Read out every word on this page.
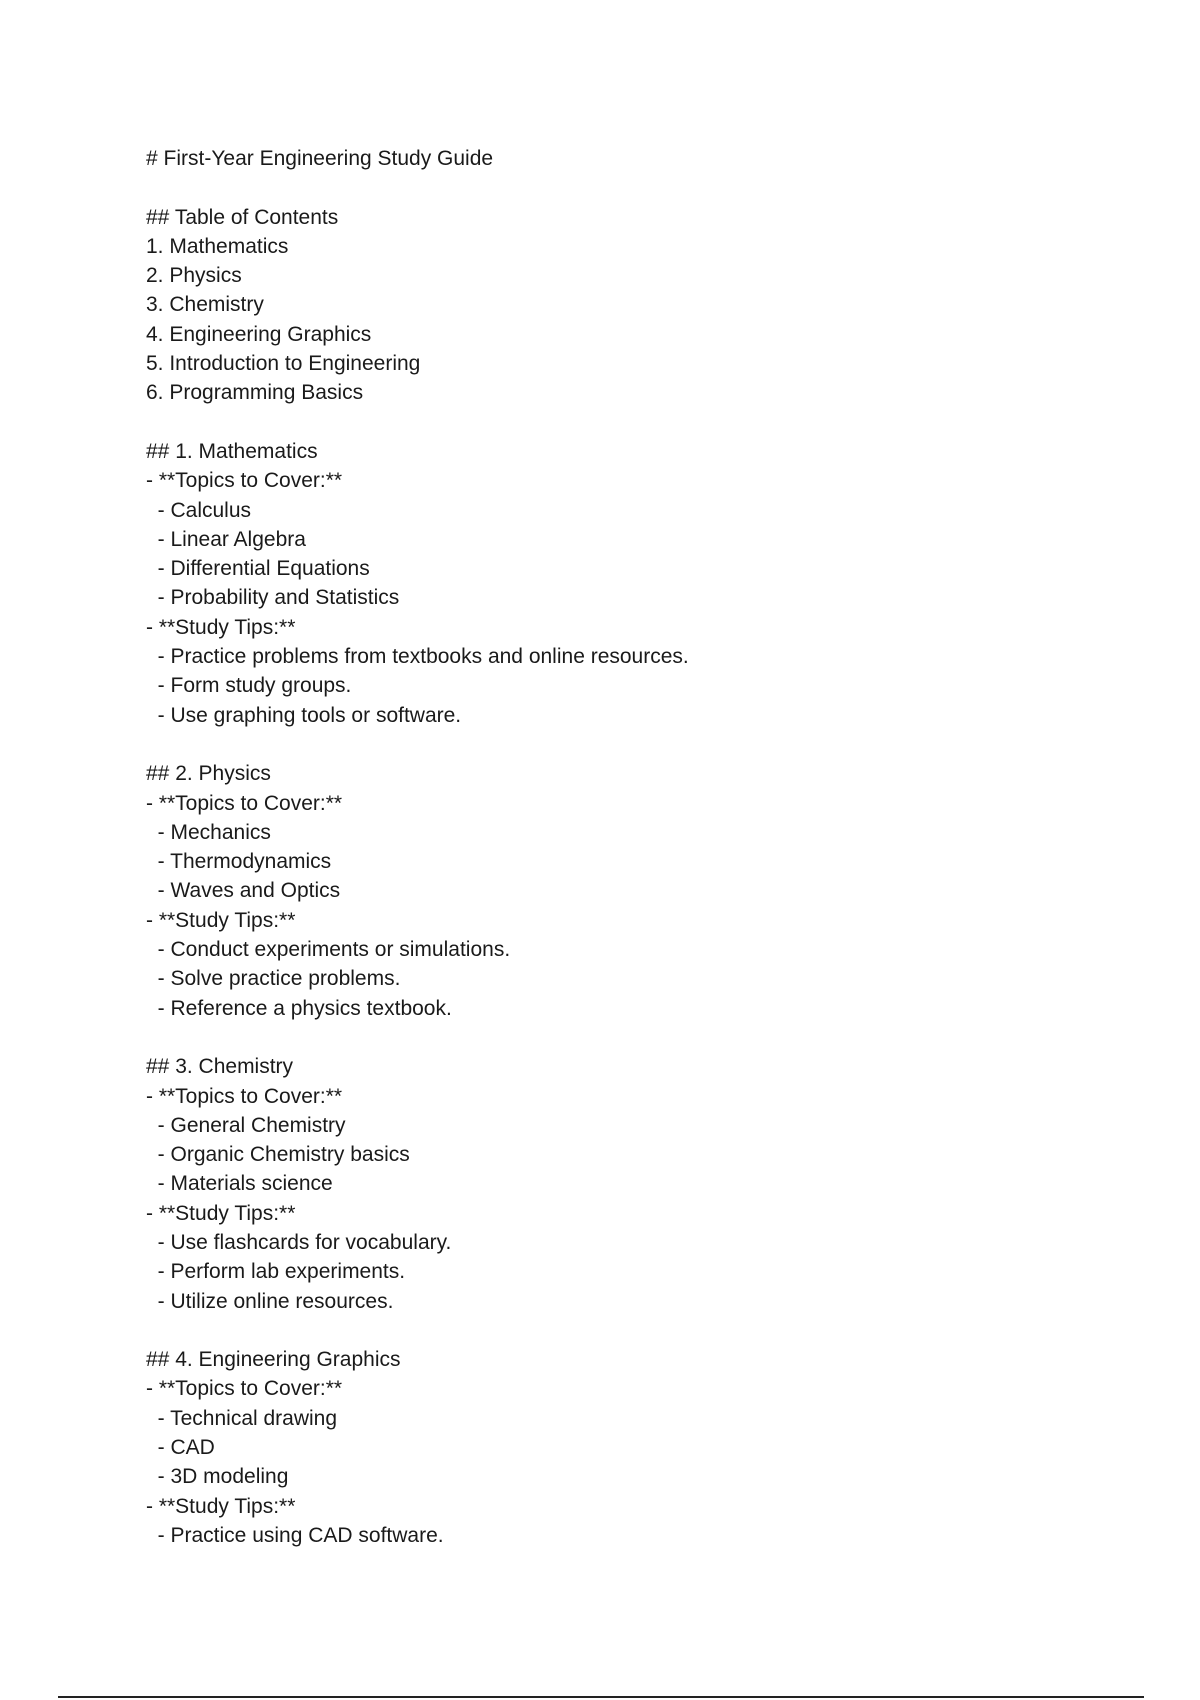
# First-Year Engineering Study Guide
## Table of Contents
1. Mathematics
2. Physics
3. Chemistry
4. Engineering Graphics
5. Introduction to Engineering
6. Programming Basics
## 1. Mathematics
- **Topics to Cover:**
- Calculus
- Linear Algebra
- Differential Equations
- Probability and Statistics
- **Study Tips:**
- Practice problems from textbooks and online resources.
- Form study groups.
- Use graphing tools or software.
## 2. Physics
- **Topics to Cover:**
- Mechanics
- Thermodynamics
- Waves and Optics
- **Study Tips:**
- Conduct experiments or simulations.
- Solve practice problems.
- Reference a physics textbook.
## 3. Chemistry
- **Topics to Cover:**
- General Chemistry
- Organic Chemistry basics
- Materials science
- **Study Tips:**
- Use flashcards for vocabulary.
- Perform lab experiments.
- Utilize online resources.
## 4. Engineering Graphics
- **Topics to Cover:**
- Technical drawing
- CAD
- 3D modeling
- **Study Tips:**
- Practice using CAD software.
